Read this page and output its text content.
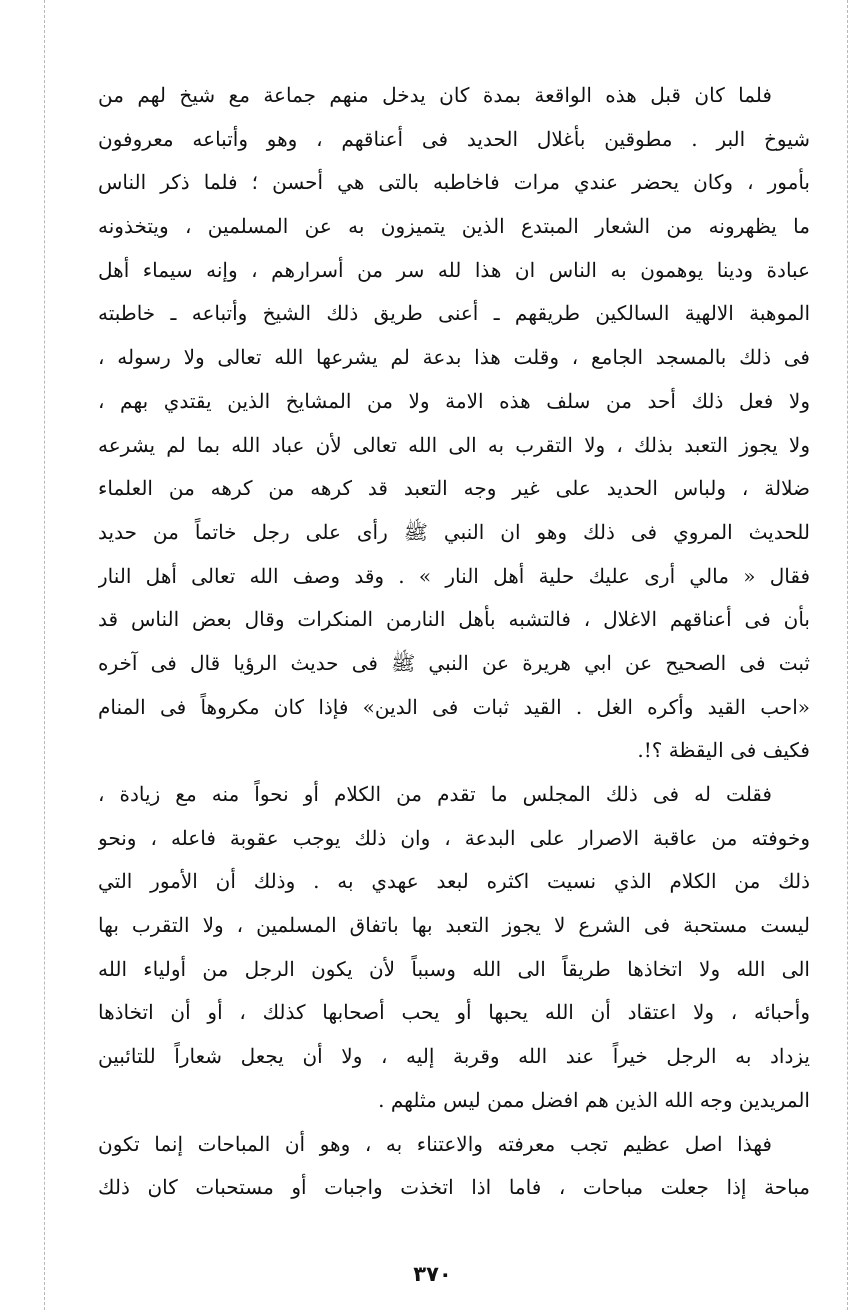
فلما كان قبل هذه الواقعة بمدة كان يدخل منهم جماعة مع شيخ لهم من
شيوخ البر . مطوقين بأغلال الحديد فى أعناقهم ، وهو وأتباعه معروفون
بأمور ، وكان يحضر عندي مرات فاخاطبه بالتى هي أحسن ؛ فلما ذكر الناس
ما يظهرونه من الشعار المبتدع الذين يتميزون به عن المسلمين ، ويتخذونه
عبادة ودينا يوهمون به الناس ان هذا لله سر من أسرارهم ، وإنه سيماء أهل
الموهبة الالهية السالكين طريقهم ـ أعنى طريق ذلك الشيخ وأتباعه ـ خاطبته
فى ذلك بالمسجد الجامع ، وقلت هذا بدعة لم يشرعها الله تعالى ولا رسوله ،
ولا فعل ذلك أحد من سلف هذه الامة ولا من المشايخ الذين يقتدي بهم ،
ولا يجوز التعبد بذلك ، ولا التقرب به الى الله تعالى لأن عباد الله بما لم يشرعه
ضلالة ، ولباس الحديد على غير وجه التعبد قد كرهه من كرهه من العلماء
للحديث المروي فى ذلك وهو ان النبي ﷺ رأى على رجل خاتماً من حديد
فقال « مالي أرى عليك حلية أهل النار » . وقد وصف الله تعالى أهل النار
بأن فى أعناقهم الاغلال ، فالتشبه بأهل النارمن المنكرات وقال بعض الناس قد
ثبت فى الصحيح عن ابي هريرة عن النبي ﷺ فى حديث الرؤيا قال فى آخره
«احب القيد وأكره الغل . القيد ثبات فى الدين» فإذا كان مكروهاً فى المنام
فكيف فى اليقظة ؟!.
فقلت له فى ذلك المجلس ما تقدم من الكلام أو نحواً منه مع زيادة ،
وخوفته من عاقبة الاصرار على البدعة ، وان ذلك يوجب عقوبة فاعله ، ونحو
ذلك من الكلام الذي نسيت اكثره لبعد عهدي به . وذلك أن الأمور التي
ليست مستحبة فى الشرع لا يجوز التعبد بها باتفاق المسلمين ، ولا التقرب بها
الى الله ولا اتخاذها طريقاً الى الله وسبباً لأن يكون الرجل من أولياء الله
وأحبائه ، ولا اعتقاد أن الله يحبها أو يحب أصحابها كذلك ، أو أن اتخاذها
يزداد به الرجل خيراً عند الله وقربة إليه ، ولا أن يجعل شعاراً للتائبين
المريدين وجه الله الذين هم افضل ممن ليس مثلهم .
فهذا اصل عظيم تجب معرفته والاعتناء به ، وهو أن المباحات إنما تكون
مباحة إذا جعلت مباحات ، فاما اذا اتخذت واجبات أو مستحبات كان ذلك
٣٧٠
